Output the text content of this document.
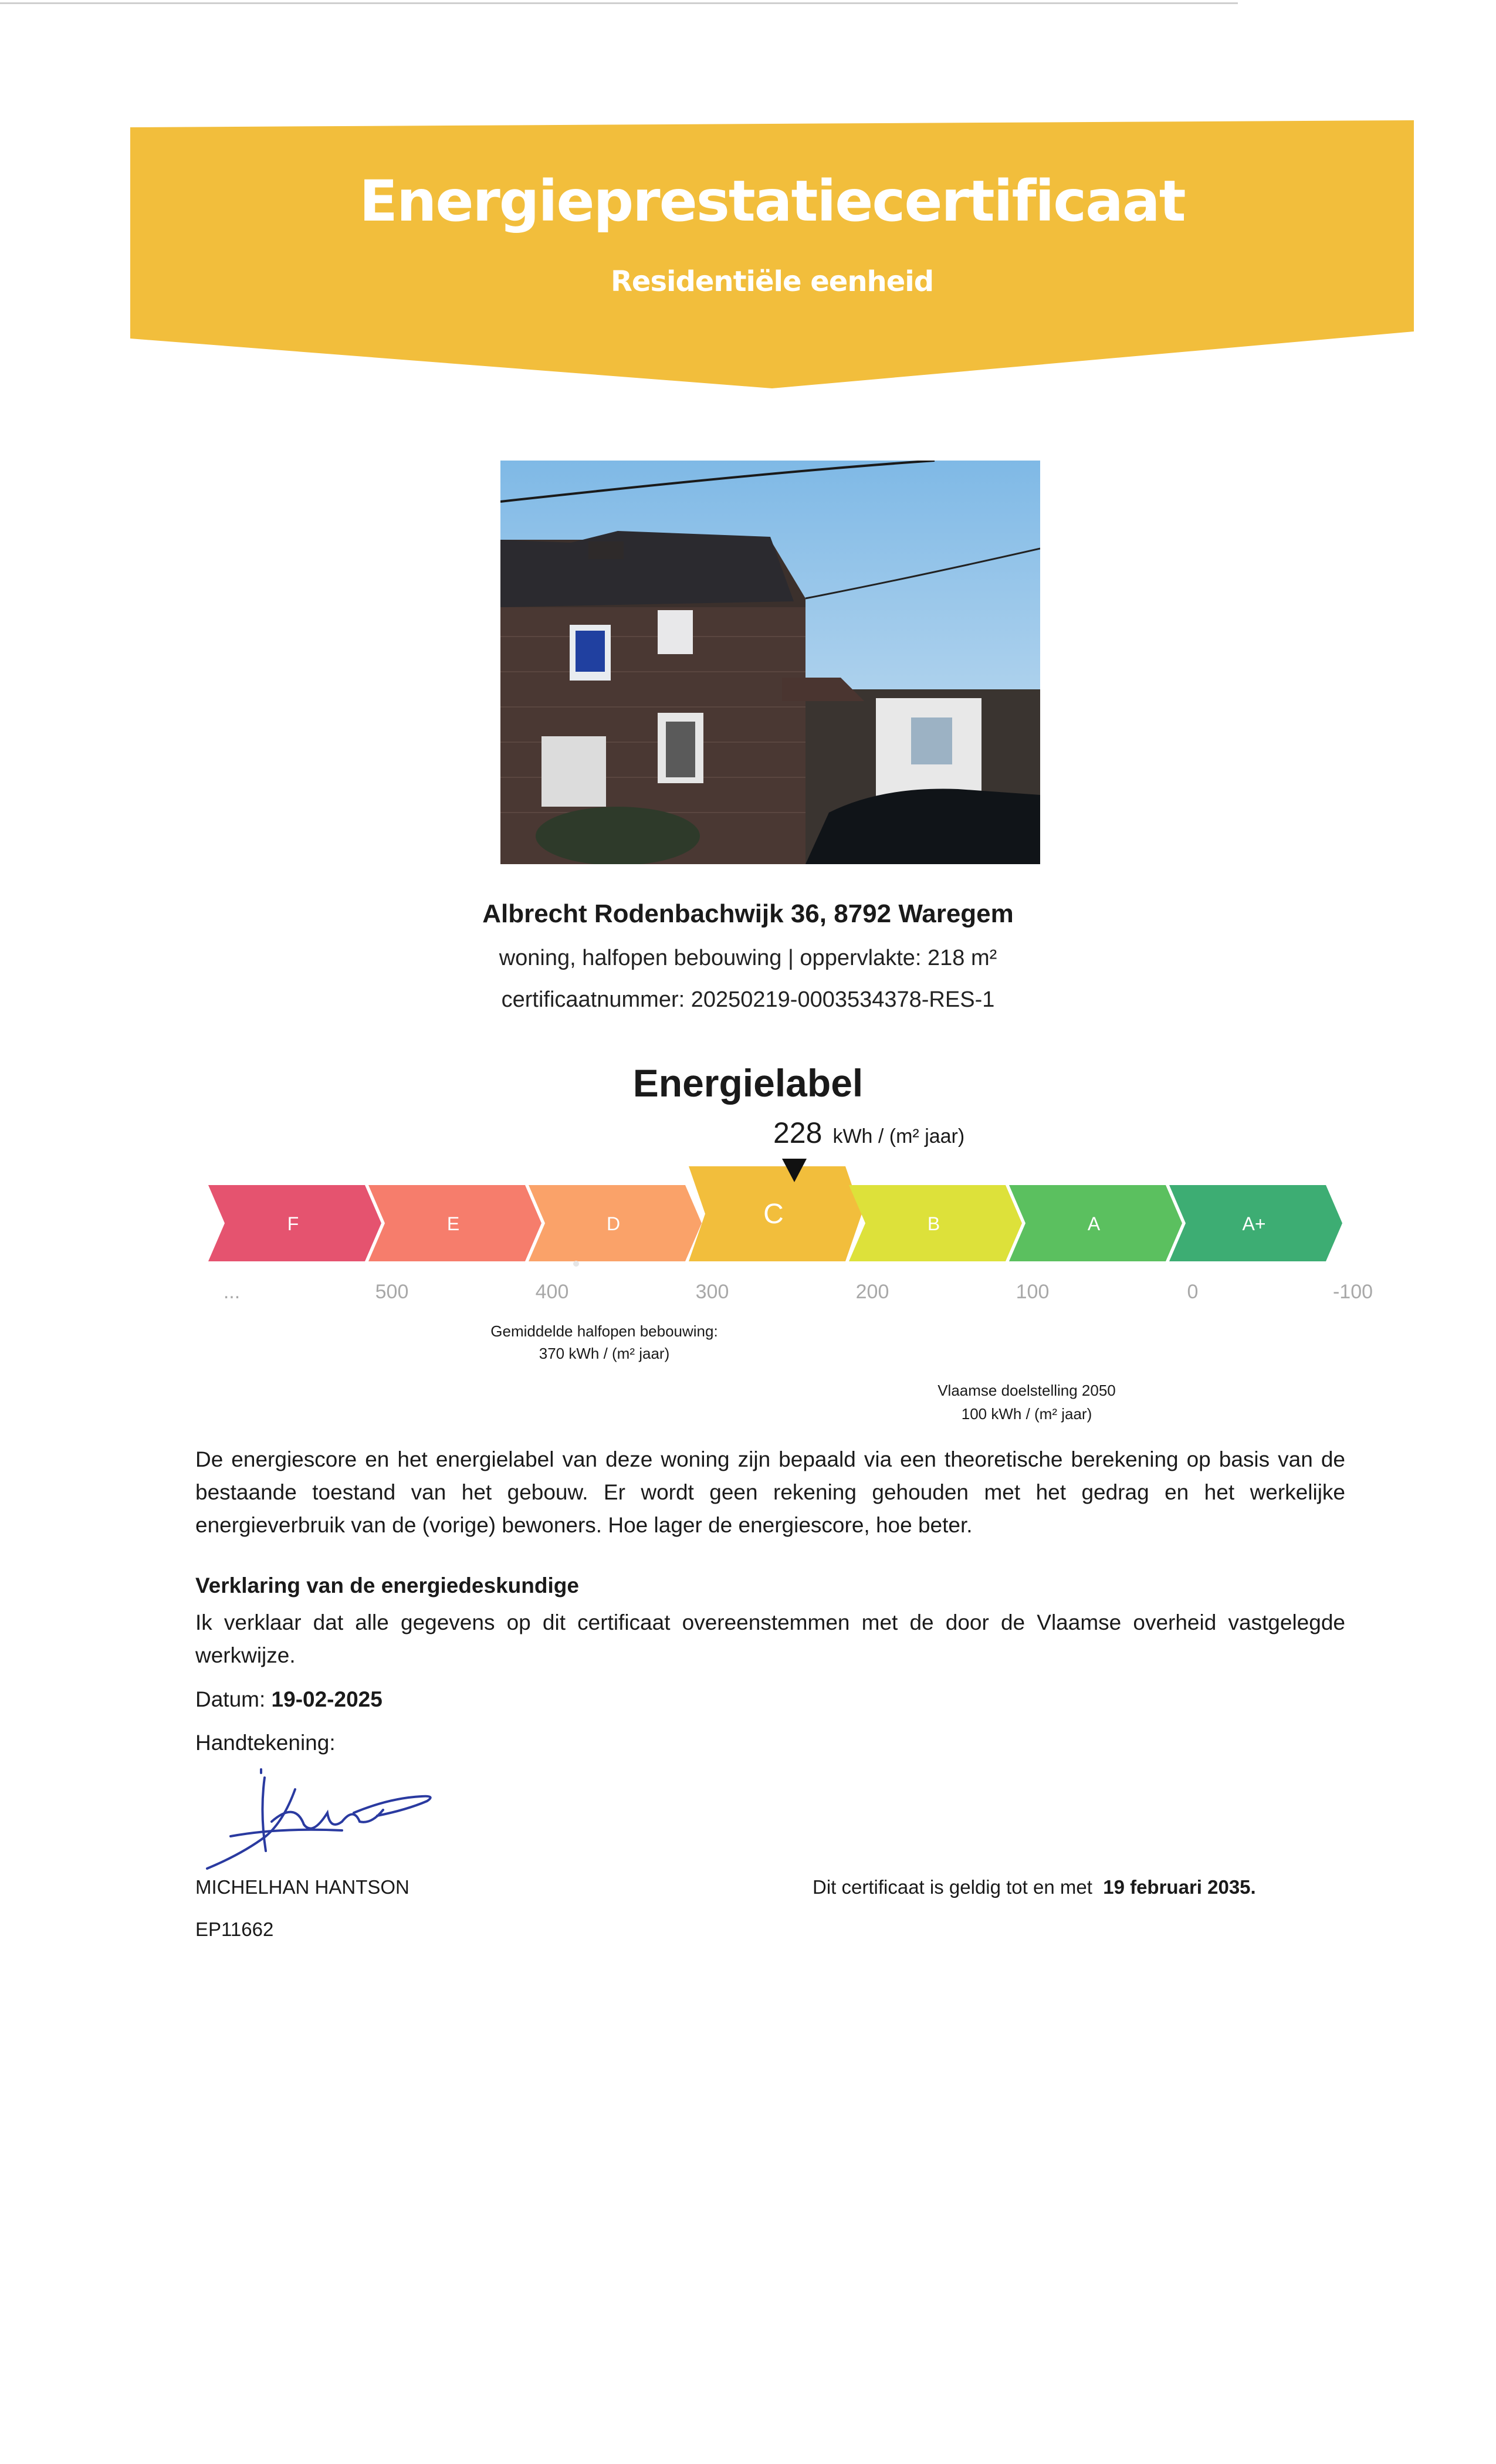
Energieprestatiecertificaat
Residentiële eenheid
Albrecht Rodenbachwijk 36, 8792 Waregem
woning, halfopen bebouwing | oppervlakte: 218 m²
certificaatnummer: 20250219-0003534378-RES-1
Energielabel
228 kWh / (m² jaar)
F	E	D	C	B	A	A+
...	500	400	300	200	100	0	-100
Gemiddelde halfopen bebouwing:
370 kWh / (m² jaar)
Vlaamse doelstelling 2050
100 kWh / (m² jaar)
De energiescore en het energielabel van deze woning zijn bepaald via een theoretische berekening op basis van de bestaande toestand van het gebouw. Er wordt geen rekening gehouden met het gedrag en het werkelijke energieverbruik van de (vorige) bewoners. Hoe lager de energiescore, hoe beter.
Verklaring van de energiedeskundige
Ik verklaar dat alle gegevens op dit certificaat overeenstemmen met de door de Vlaamse overheid vastgelegde werkwijze.
Datum: 19-02-2025
Handtekening:
MICHELHAN HANTSON
EP11662
Dit certificaat is geldig tot en met 19 februari 2035.
